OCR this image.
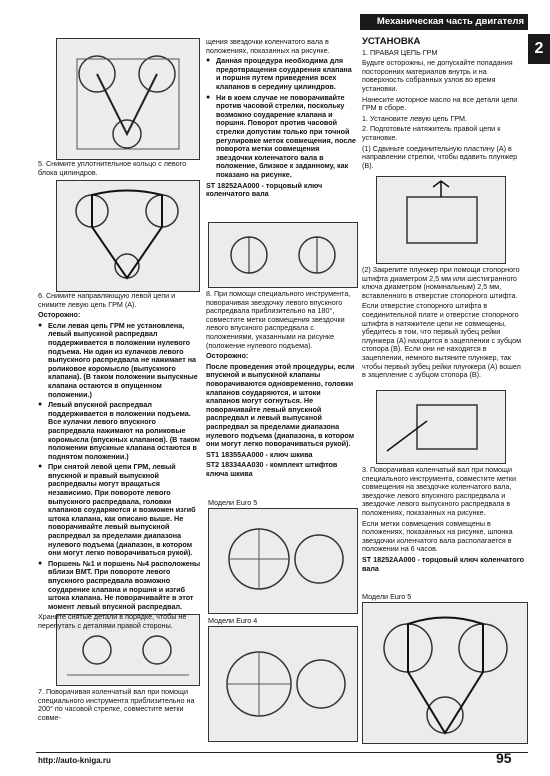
Механическая часть двигателя
2

5. Снимите уплотнительное кольцо с левого блока цилиндров.

6. Снимите направляющую левой цепи и снимите левую цепь ГРМ (А).

Осторожно:

● Если левая цепь ГРМ не установлена, левый выпускной распредвал поддерживается в положении нулевого подъема. Ни один из кулачков левого выпускного распредвала не нажимает на роликовое коромысло (выпускного клапана). (В таком положении выпускные клапана остаются в опущенном положении.)

● Левый впускной распредвал поддерживается в положении подъема. Все кулачки левого впускного распредвала нажимают на роликовые коромысла (впускных клапанов). (В таком положении впускные клапана остаются в поднятом положении.)

● При снятой левой цепи ГРМ, левый впускной и правый выпускной распредвалы могут вращаться независимо. При повороте левого выпускного распредвала, головки клапанов соударяются и возможен изгиб штока клапана, как описано выше. Не поворачивайте левый выпускной распредвал за пределами диапазона нулевого подъема (диапазон, в котором они могут легко поворачиваться рукой).

● Поршень №1 и поршень №4 расположены вблизи ВМТ. При повороте левого впускного распредвала возможно соударение клапана и поршня и изгиб штока клапана. Не поворачивайте в этот момент левый впускной распредвал.

Храните снятые детали в порядке, чтобы не перепутать с деталями правой стороны.

7. Поворачивая коленчатый вал при помощи специального инструмента приблизительно на 200° по часовой стрелке, совместите метки совме-

щения звездочки коленчатого вала в положениях, показанных на рисунке.

● Данная процедура необходима для предотвращения соударения клапана и поршня путем приведения всех клапанов в середину цилиндров.

● Ни в коем случае не поворачивайте против часовой стрелки, поскольку возможно соударение клапана и поршня. Поворот против часовой стрелки допустим только при точной регулировке меток совмещения, после поворота метки совмещения звездочки коленчатого вала в положение, близкое к заданному, как показано на рисунке.

ST 18252AA000 - торцовый ключ коленчатого вала

8. При помощи специального инструмента, поворачивая звездочку левого впускного распредвала приблизительно на 180°, совместите метки совмещения звездочки левого впускного распредвала с положениями, указанными на рисунке (положение нулевого подъема).

Осторожно:

После проведения этой процедуры, если впускной и выпускной клапаны поворачиваются одновременно, головки клапанов соударяются, и штоки клапанов могут согнуться. Не поворачивайте левый впускной распредвал и левый выпускной распредвал за пределами диапазона нулевого подъема (диапазона, в котором они могут легко поворачиваться рукой).

ST1 18355AA000 - ключ шкива

ST2 18334AA030 - комплект штифтов ключа шкива

Модели Euro 5
Модели Euro 4

УСТАНОВКА

1. ПРАВАЯ ЦЕПЬ ГРМ

Будьте осторожны, не допускайте попадания посторонних материалов внутрь и на поверхность собранных узлов во время установки.

Нанесите моторное масло на все детали цепи ГРМ в сборе.

1. Установите левую цепь ГРМ.

2. Подготовьте натяжитель правой цепи к установке.

(1) Сдвиньте соединительную пластину (А) в направлении стрелки, чтобы вдавить плунжер (B).

(2) Закрепите плунжер при помощи стопорного штифта диаметром 2,5 мм или шестигранного ключа диаметром (номинальным) 2,5 мм, вставленного в отверстие стопорного штифта.

Если отверстие стопорного штифта в соединительной плате и отверстие стопорного штифта в натяжителе цепи не совмещены, убедитесь в том, что первый зубец рейки плунжера (А) находится в зацеплении с зубцом стопора (B). Если они не находятся в зацеплении, немного вытяните плунжер, так чтобы первый зубец рейки плунжера (А) вошел в зацепление с зубцом стопора (B).

3. Поворачивая коленчатый вал при помощи специального инструмента, совместите метки совмещения на звездочке коленчатого вала, звездочке левого впускного распредвала и звездочке левого выпускного распредвала в положениях, показанных на рисунке.

Если метки совмещения совмещены в положениях, показанных на рисунке, шпонка звездочки коленчатого вала располагается в положении на 6 часов.

ST 18252AA000 - торцовый ключ коленчатого вала

Модели Euro 5
http://auto-kniga.ru	95
